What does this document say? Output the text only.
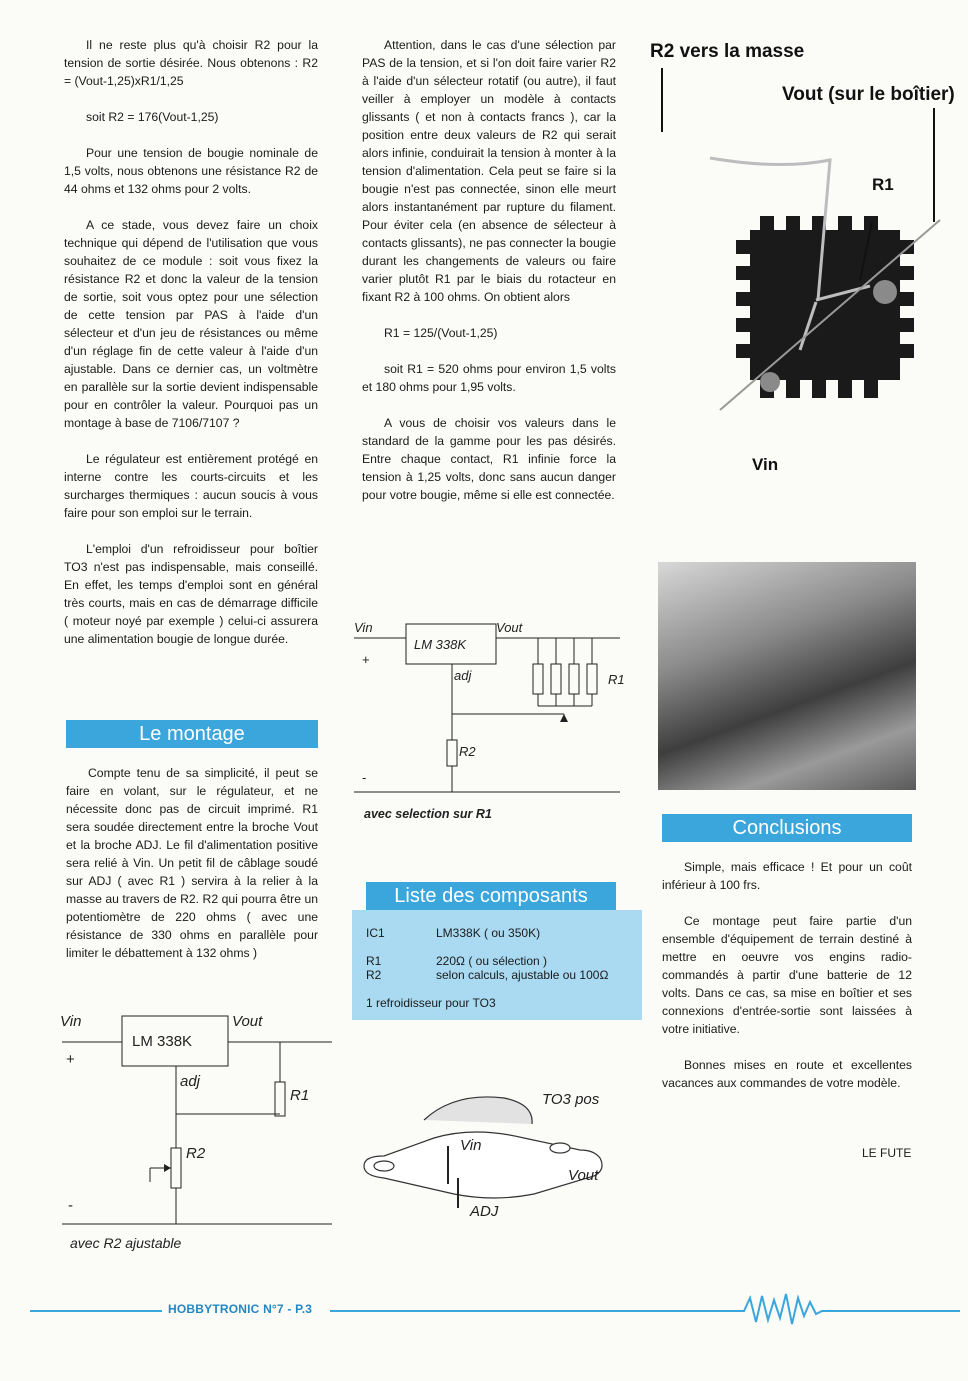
Il ne reste plus qu'à choisir R2 pour la tension de sortie désirée. Nous obtenons : R2 = (Vout-1,25)xR1/1,25

soit R2 = 176(Vout-1,25)

Pour une tension de bougie nominale de 1,5 volts, nous obtenons une résistance R2 de 44 ohms et 132 ohms pour 2 volts.

A ce stade, vous devez faire un choix technique qui dépend de l'utilisation que vous souhaitez de ce module : soit vous fixez la résistance R2 et donc la valeur de la tension de sortie, soit vous optez pour une sélection de cette tension par PAS à l'aide d'un sélecteur et d'un jeu de résistances ou même d'un réglage fin de cette valeur à l'aide d'un ajustable. Dans ce dernier cas, un voltmètre en parallèle sur la sortie devient indispensable pour en contrôler la valeur. Pourquoi pas un montage à base de 7106/7107 ?

Le régulateur est entièrement protégé en interne contre les courts-circuits et les surcharges thermiques : aucun soucis à vous faire pour son emploi sur le terrain.

L'emploi d'un refroidisseur pour boîtier TO3 n'est pas indispensable, mais conseillé. En effet, les temps d'emploi sont en général très courts, mais en cas de démarrage difficile ( moteur noyé par exemple ) celui-ci assurera une alimentation bougie de longue durée.

Le montage

Compte tenu de sa simplicité, il peut se faire en volant, sur le régulateur, et ne nécessite donc pas de circuit imprimé. R1 sera soudée directement entre la broche Vout et la broche ADJ. Le fil d'alimentation positive sera relié à Vin. Un petit fil de câblage soudé sur ADJ ( avec R1 ) servira à la relier à la masse au travers de R2. R2 qui pourra être un potentiomètre de 220 ohms ( avec une résistance de 330 ohms en parallèle pour limiter le débattement à 132 ohms )

Attention, dans le cas d'une sélection par PAS de la tension, et si l'on doit faire varier R2 à l'aide d'un sélecteur rotatif (ou autre), il faut veiller à employer un modèle à contacts glissants ( et non à contacts francs ), car la position entre deux valeurs de R2 qui serait alors infinie, conduirait la tension à monter à la tension d'alimentation. Cela peut se faire si la bougie n'est pas connectée, sinon elle meurt alors instantanément par rupture du filament. Pour éviter cela (en absence de sélecteur à contacts glissants), ne pas connecter la bougie durant les changements de valeurs ou faire varier plutôt R1 par le biais du rotacteur en fixant R2 à 100 ohms. On obtient alors

R1 = 125/(Vout-1,25)

soit R1 = 520 ohms pour environ 1,5 volts et 180 ohms pour 1,95 volts.

A vous de choisir vos valeurs dans le standard de la gamme pour les pas désirés. Entre chaque contact, R1 infinie force la tension à 1,25 volts, donc sans aucun danger pour votre bougie, même si elle est connectée.

Vin	Vout
LM 338K
adj	R1
R2
+
-
avec selection sur R1
Vin	Vout
LM 338K
adj
R1
R2
+
-
avec R2 ajustable
Liste des composants
IC1	LM338K ( ou 350K)
R1	220Ω ( ou sélection )
R2	selon calculs, ajustable ou 100Ω
1 refroidisseur pour TO3
TO3 pos
Vin
Vout
ADJ
R2 vers la masse
Vout (sur le boîtier)
R1
Vin
Conclusions

Simple, mais efficace ! Et pour un coût inférieur à 100 frs.

Ce montage peut faire partie d'un ensemble d'équipement de terrain destiné à mettre en oeuvre vos engins radio-commandés à partir d'une batterie de 12 volts. Dans ce cas, sa mise en boîtier et ses connexions d'entrée-sortie sont laissées à votre initiative.

Bonnes mises en route et excellentes vacances aux commandes de votre modèle.

LE FUTE
HOBBYTRONIC N°7 - P.3
